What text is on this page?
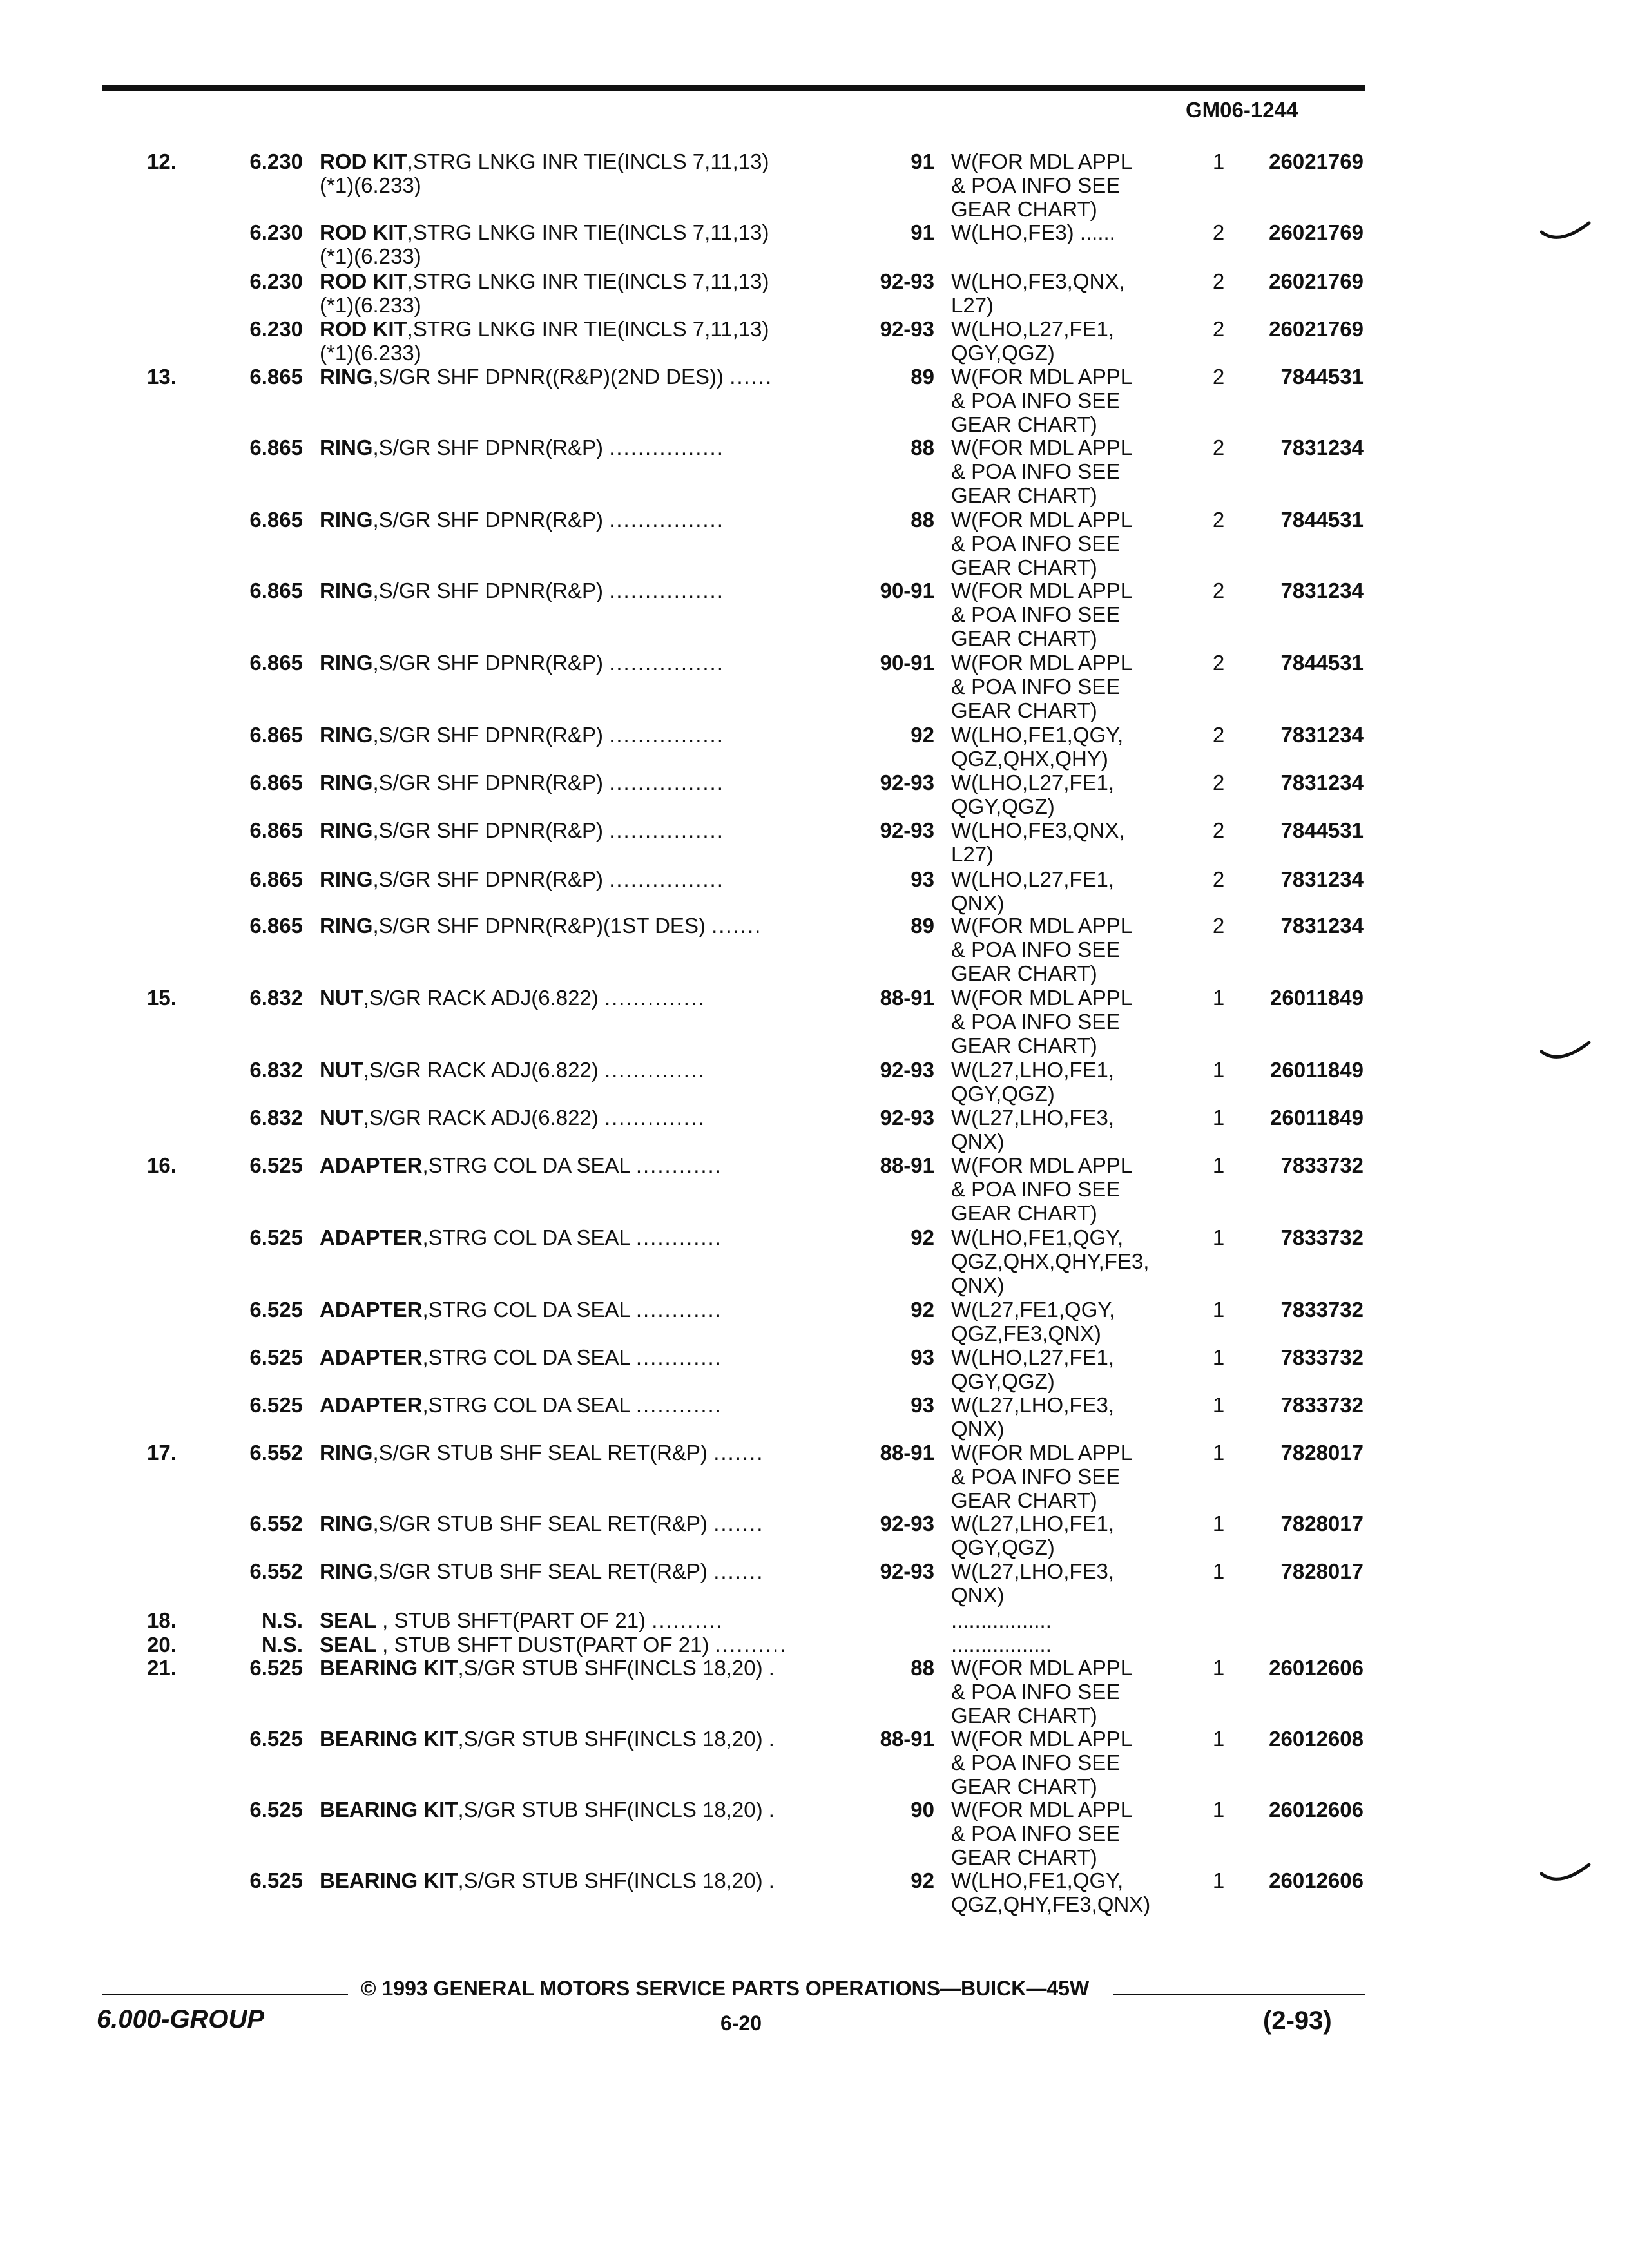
GM06-1244
12.	6.230 ROD KIT,STRG LNKG INR TIE(INCLS 7,11,13)
(*1)(6.233)
91 W(FOR MDL APPL
& POA INFO SEE
GEAR CHART)
1	26021769
6.230 ROD KIT,STRG LNKG INR TIE(INCLS 7,11,13)
(*1)(6.233)
91 W(LHO,FE3) ......	2	26021769
6.230 ROD KIT,STRG LNKG INR TIE(INCLS 7,11,13)
(*1)(6.233)
92-93 W(LHO,FE3,QNX,
L27)
2	26021769
6.230 ROD KIT,STRG LNKG INR TIE(INCLS 7,11,13)
(*1)(6.233)
92-93 W(LHO,L27,FE1,
QGY,QGZ)
2	26021769
13.	6.865 RING,S/GR SHF DPNR((R&P)(2ND DES)) ......	89 W(FOR MDL APPL
& POA INFO SEE
GEAR CHART)
2	7844531
6.865 RING,S/GR SHF DPNR(R&P) ................	88 W(FOR MDL APPL
& POA INFO SEE
GEAR CHART)
2	7831234
6.865 RING,S/GR SHF DPNR(R&P) ................	88 W(FOR MDL APPL
& POA INFO SEE
GEAR CHART)
2	7844531
6.865 RING,S/GR SHF DPNR(R&P) ................	90-91 W(FOR MDL APPL
& POA INFO SEE
GEAR CHART)
2	7831234
6.865 RING,S/GR SHF DPNR(R&P) ................	90-91 W(FOR MDL APPL
& POA INFO SEE
GEAR CHART)
2	7844531
6.865 RING,S/GR SHF DPNR(R&P) ................	92 W(LHO,FE1,QGY,
QGZ,QHX,QHY)
2	7831234
6.865 RING,S/GR SHF DPNR(R&P) ................	92-93 W(LHO,L27,FE1,
QGY,QGZ)
2	7831234
6.865 RING,S/GR SHF DPNR(R&P) ................	92-93 W(LHO,FE3,QNX,
L27)
2	7844531
6.865 RING,S/GR SHF DPNR(R&P) ................	93 W(LHO,L27,FE1,
QNX)
2	7831234
6.865 RING,S/GR SHF DPNR(R&P)(1ST DES) .......	89 W(FOR MDL APPL
& POA INFO SEE
GEAR CHART)
2	7831234
15.	6.832 NUT,S/GR RACK ADJ(6.822) ..............	88-91 W(FOR MDL APPL
& POA INFO SEE
GEAR CHART)
1	26011849
6.832 NUT,S/GR RACK ADJ(6.822) ..............	92-93 W(L27,LHO,FE1,
QGY,QGZ)
1	26011849
6.832 NUT,S/GR RACK ADJ(6.822) ..............	92-93 W(L27,LHO,FE3,
QNX)
1	26011849
16.	6.525 ADAPTER,STRG COL DA SEAL ............	88-91 W(FOR MDL APPL
& POA INFO SEE
GEAR CHART)
1	7833732
6.525 ADAPTER,STRG COL DA SEAL ............	92 W(LHO,FE1,QGY,
QGZ,QHX,QHY,FE3,
QNX)
1	7833732
6.525 ADAPTER,STRG COL DA SEAL ............	92 W(L27,FE1,QGY,
QGZ,FE3,QNX)
1	7833732
6.525 ADAPTER,STRG COL DA SEAL ............	93 W(LHO,L27,FE1,
QGY,QGZ)
1	7833732
6.525 ADAPTER,STRG COL DA SEAL ............	93 W(L27,LHO,FE3,
QNX)
1	7833732
17.	6.552 RING,S/GR STUB SHF SEAL RET(R&P) .......	88-91 W(FOR MDL APPL
& POA INFO SEE
GEAR CHART)
1	7828017
6.552 RING,S/GR STUB SHF SEAL RET(R&P) .......	92-93 W(L27,LHO,FE1,
QGY,QGZ)
1	7828017
6.552 RING,S/GR STUB SHF SEAL RET(R&P) .......	92-93 W(L27,LHO,FE3,
QNX)
1	7828017
18.	N.S. SEAL , STUB SHFT(PART OF 21) ..........	.................
20.	N.S. SEAL , STUB SHFT DUST(PART OF 21) ..........	.................
21.	6.525 BEARING KIT,S/GR STUB SHF(INCLS 18,20) .	88 W(FOR MDL APPL
& POA INFO SEE
GEAR CHART)
1	26012606
6.525 BEARING KIT,S/GR STUB SHF(INCLS 18,20) .	88-91 W(FOR MDL APPL
& POA INFO SEE
GEAR CHART)
1	26012608
6.525 BEARING KIT,S/GR STUB SHF(INCLS 18,20) .	90 W(FOR MDL APPL
& POA INFO SEE
GEAR CHART)
1	26012606
6.525 BEARING KIT,S/GR STUB SHF(INCLS 18,20) .	92 W(LHO,FE1,QGY,
QGZ,QHY,FE3,QNX)
1	26012606
© 1993 GENERAL MOTORS SERVICE PARTS OPERATIONS—BUICK—45W
6.000-GROUP	6-20	(2-93)
